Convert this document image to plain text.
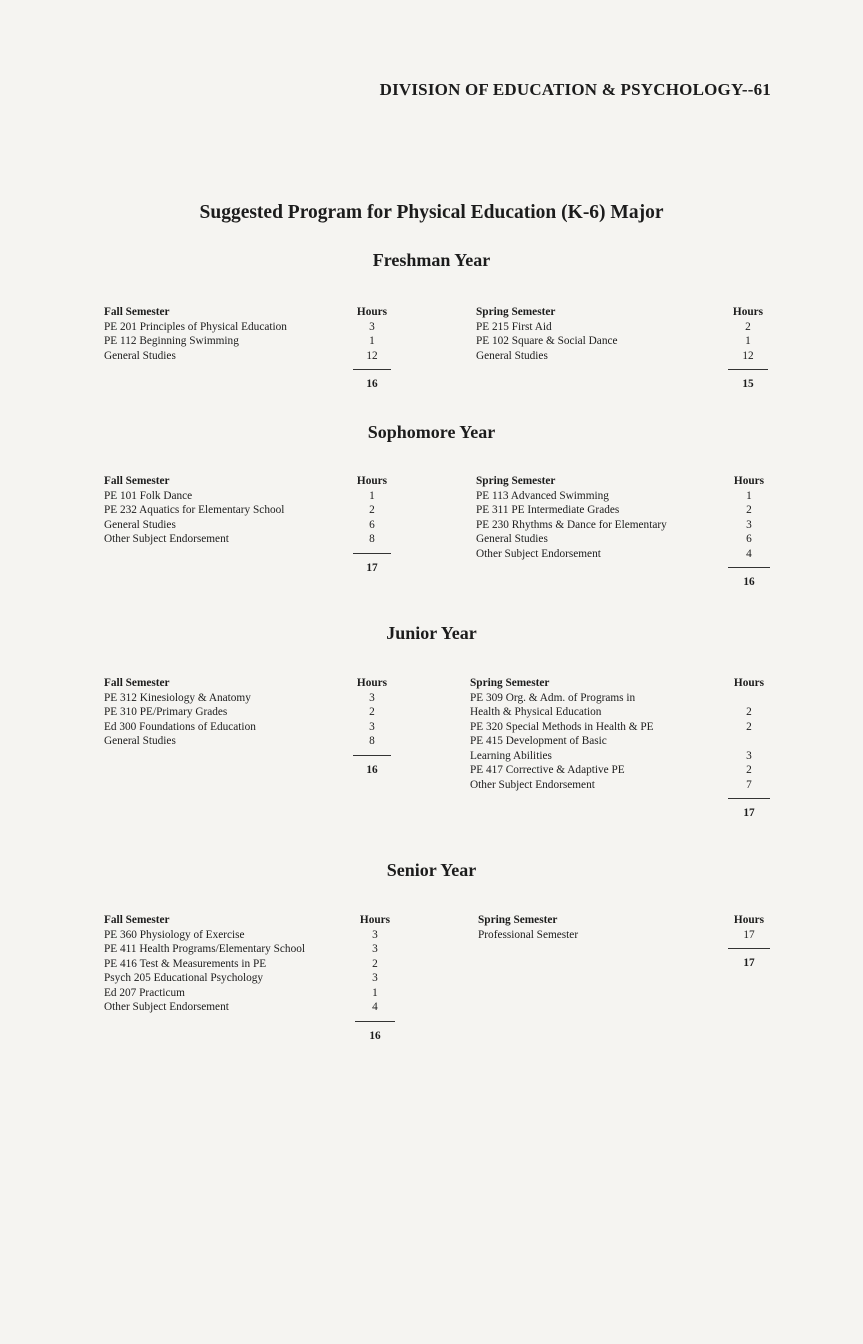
DIVISION OF EDUCATION & PSYCHOLOGY--61
Suggested Program for Physical Education (K-6) Major
Freshman Year
Fall Semester	Hours
PE 201 Principles of Physical Education	3
PE 112 Beginning Swimming	1
General Studies	12
16
Spring Semester	Hours
PE 215 First Aid	2
PE 102 Square & Social Dance	1
General Studies	12
15
Sophomore Year
Fall Semester	Hours
PE 101 Folk Dance	1
PE 232 Aquatics for Elementary School	2
General Studies	6
Other Subject Endorsement	8
17
Spring Semester	Hours
PE 113 Advanced Swimming	1
PE 311 PE Intermediate Grades	2
PE 230 Rhythms & Dance for Elementary	3
General Studies	6
Other Subject Endorsement	4
16
Junior Year
Fall Semester	Hours
PE 312 Kinesiology & Anatomy	3
PE 310 PE/Primary Grades	2
Ed 300 Foundations of Education	3
General Studies	8
16
Spring Semester	Hours
PE 309 Org. & Adm. of Programs in
Health & Physical Education	2
PE 320 Special Methods in Health & PE	2
PE 415 Development of Basic
Learning Abilities	3
PE 417 Corrective & Adaptive PE	2
Other Subject Endorsement	7
17
Senior Year
Fall Semester	Hours
PE 360 Physiology of Exercise	3
PE 411 Health Programs/Elementary School	3
PE 416 Test & Measurements in PE	2
Psych 205 Educational Psychology	3
Ed 207 Practicum	1
Other Subject Endorsement	4
16
Spring Semester	Hours
Professional Semester	17
17
